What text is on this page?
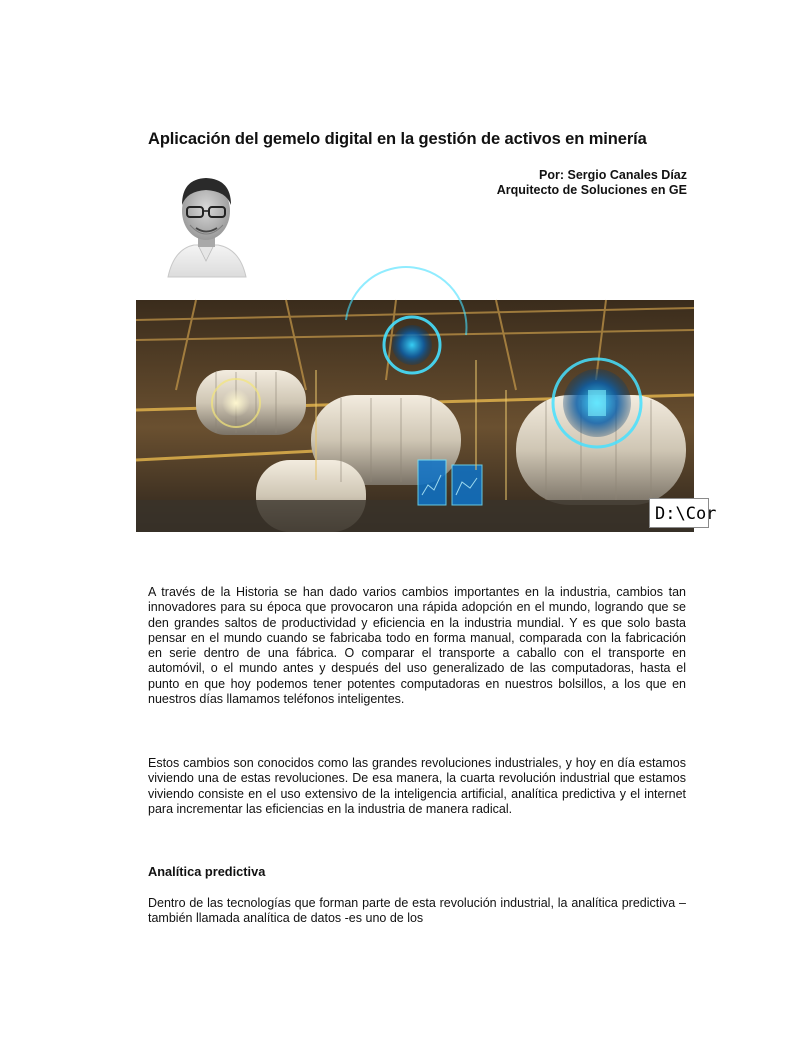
Aplicación del gemelo digital en la gestión de activos en minería
Por: Sergio Canales Díaz
Arquitecto de Soluciones en GE
D:\Cor
A través de la Historia se han dado varios cambios importantes en la industria, cambios tan innovadores para su época que provocaron una rápida adopción en el mundo, logrando que se den grandes saltos de productividad y eficiencia en la industria mundial. Y es que solo basta pensar en el mundo cuando se fabricaba todo en forma manual, comparada con la fabricación en serie dentro de una fábrica. O comparar el transporte a caballo con el transporte en automóvil, o el mundo antes y después del uso generalizado de las computadoras, hasta el punto en que hoy podemos tener potentes computadoras en nuestros bolsillos, a los que en nuestros días llamamos teléfonos inteligentes.
Estos cambios son conocidos como las grandes revoluciones industriales, y hoy en día estamos viviendo una de estas revoluciones. De esa manera, la cuarta revolución industrial que estamos viviendo consiste en el uso extensivo de la inteligencia artificial, analítica predictiva y el internet para incrementar las eficiencias en la industria de manera radical.
Analítica predictiva
Dentro de las tecnologías que forman parte de esta revolución industrial, la analítica predictiva – también llamada analítica de datos -es uno de los
